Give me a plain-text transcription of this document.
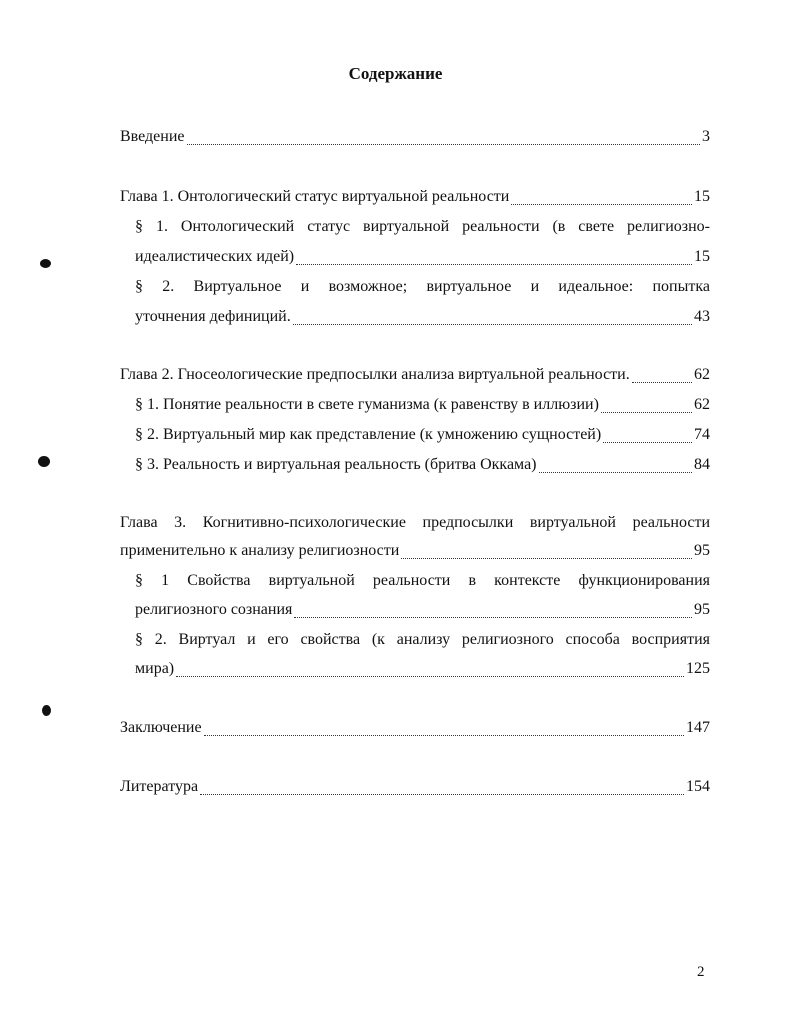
Содержание
Введение	3
Глава 1. Онтологический статус виртуальной реальности	15
§ 1. Онтологический статус виртуальной реальности (в свете религиозно-
идеалистических идей)	15
§ 2. Виртуальное и возможное; виртуальное и идеальное: попытка
уточнения дефиниций.	43
Глава 2. Гносеологические предпосылки анализа виртуальной реальности.	62
§ 1. Понятие реальности в свете гуманизма (к равенству в иллюзии)	62
§ 2. Виртуальный мир как представление (к умножению сущностей)	74
§ 3. Реальность и виртуальная реальность (бритва Оккама)	84
Глава 3. Когнитивно-психологические предпосылки виртуальной реальности
применительно к анализу религиозности	95
§ 1 Свойства виртуальной реальности в контексте функционирования
религиозного сознания	95
§ 2. Виртуал и его свойства (к анализу религиозного способа восприятия
мира)	125
Заключение	147
Литература	154
2
